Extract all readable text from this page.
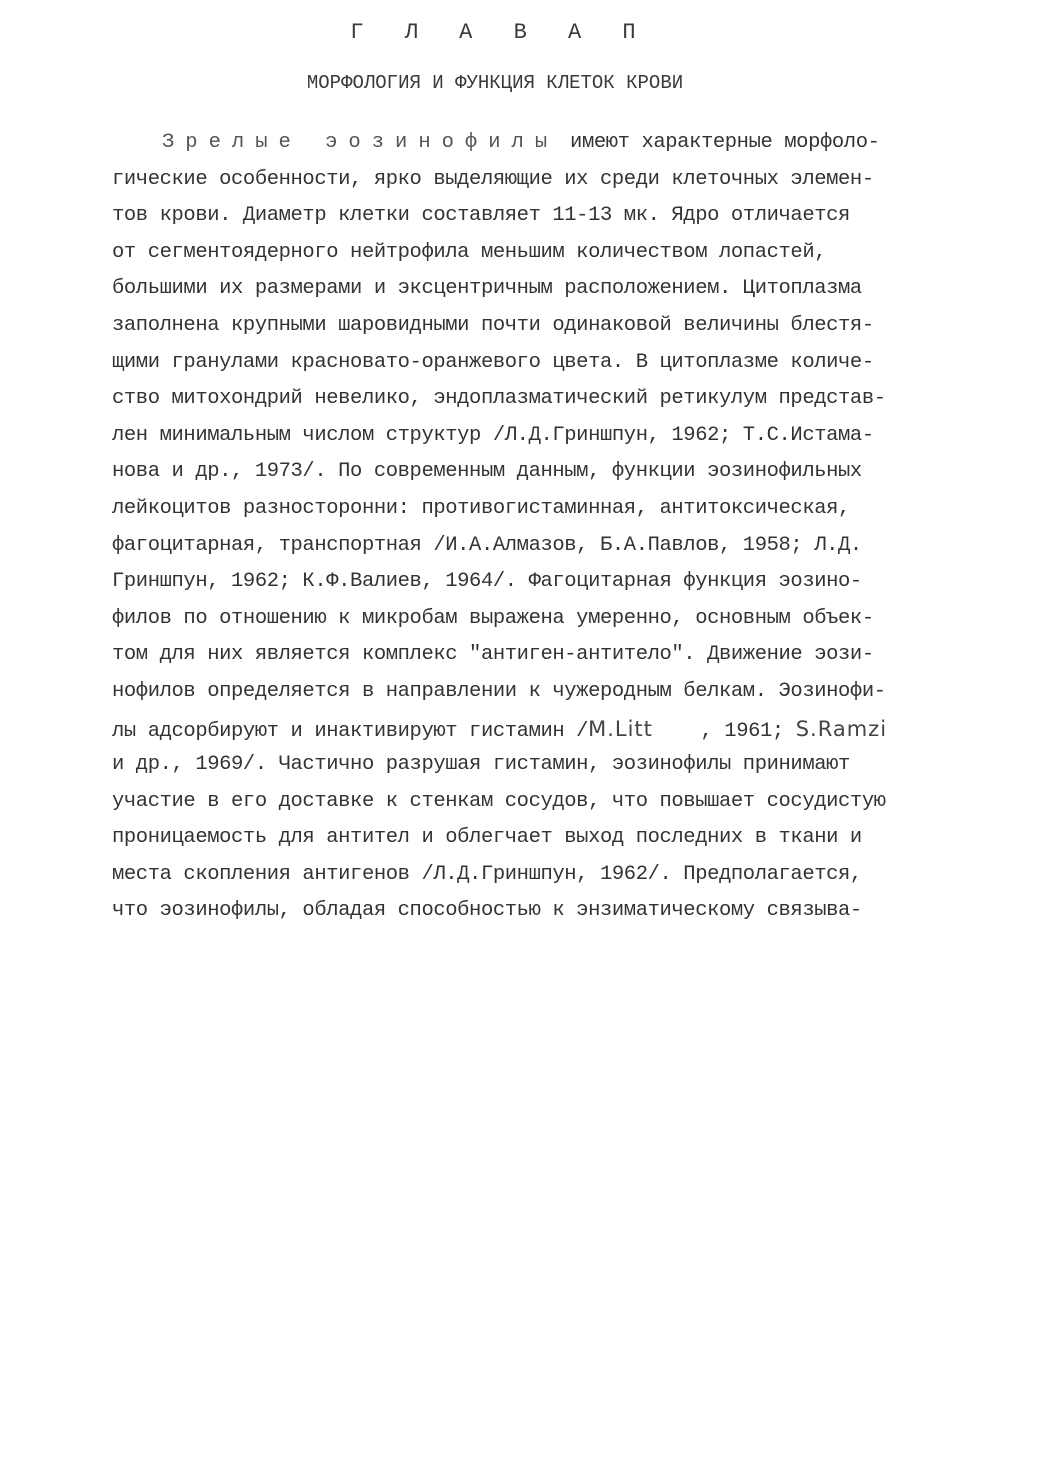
Г Л А В А П
МОРФОЛОГИЯ И ФУНКЦИЯ КЛЕТОК КРОВИ
Зрелые эозинофилы имеют характерные морфоло-
гические особенности, ярко выделяющие их среди клеточных элемен-
тов крови. Диаметр клетки составляет 11-13 мк. Ядро отличается
от сегментоядерного нейтрофила меньшим количеством лопастей,
большими их размерами и эксцентричным расположением. Цитоплазма
заполнена крупными шаровидными почти одинаковой величины блестя-
щими гранулами красновато-оранжевого цвета. В цитоплазме количе-
ство митохондрий невелико, эндоплазматический ретикулум представ-
лен минимальным числом структур /Л.Д.Гриншпун, 1962; Т.С.Истама-
нова и др., 1973/. По современным данным, функции эозинофильных
лейкоцитов разносторонни: противогистаминная, антитоксическая,
фагоцитарная, транспортная /И.А.Алмазов, Б.А.Павлов, 1958; Л.Д.
Гриншпун, 1962; К.Ф.Валиев, 1964/. Фагоцитарная функция эозино-
филов по отношению к микробам выражена умеренно, основным объек-
том для них является комплекс "антиген-антитело". Движение эози-
нофилов определяется в направлении к чужеродным белкам. Эозинофи-
лы адсорбируют и инактивируют гистамин /M.Litt    , 1961; S.Ramzi
и др., 1969/. Частично разрушая гистамин, эозинофилы принимают
участие в его доставке к стенкам сосудов, что повышает сосудистую
проницаемость для антител и облегчает выход последних в ткани и
места скопления антигенов /Л.Д.Гриншпун, 1962/. Предполагается,
что эозинофилы, обладая способностью к энзиматическому связыва-
